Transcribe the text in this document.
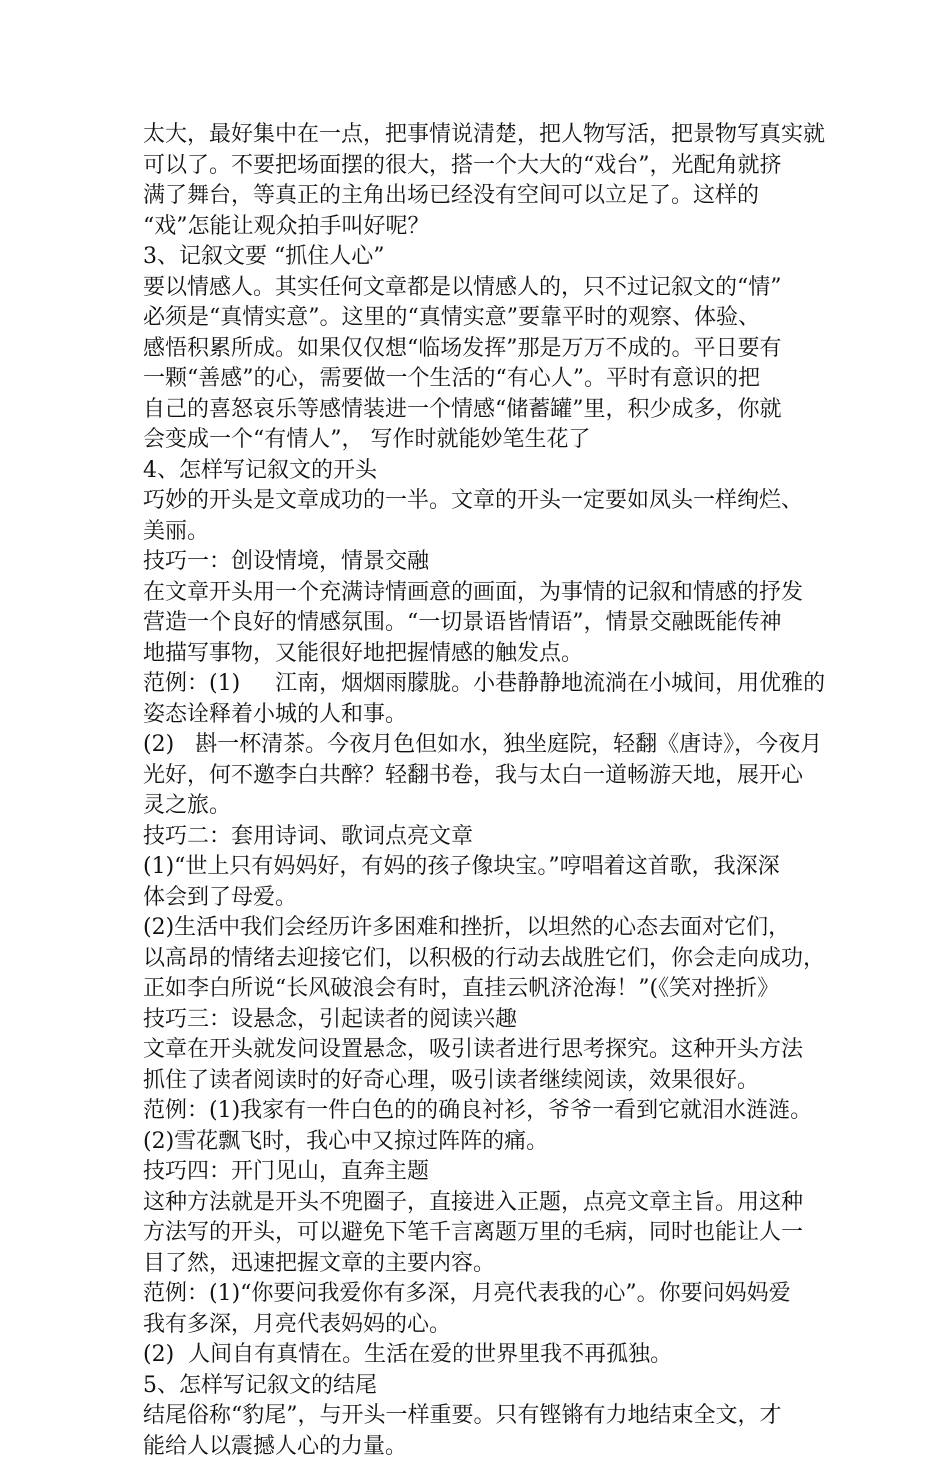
太大，最好集中在一点，把事情说清楚，把人物写活，把景物写真实就
可以了。不要把场面摆的很大，搭一个大大的“戏台”，光配角就挤
满了舞台，等真正的主角出场已经没有空间可以立足了。这样的
“戏”怎能让观众拍手叫好呢？
3、记叙文要 “抓住人心”
要以情感人。其实任何文章都是以情感人的，只不过记叙文的“情”
必须是“真情实意”。这里的“真情实意”要靠平时的观察、体验、
感悟积累所成。如果仅仅想“临场发挥”那是万万不成的。平日要有
一颗“善感”的心，需要做一个生活的“有心人”。平时有意识的把
自己的喜怒哀乐等感情装进一个情感“储蓄罐”里，积少成多，你就
会变成一个“有情人”， 写作时就能妙笔生花了
4、怎样写记叙文的开头
巧妙的开头是文章成功的一半。文章的开头一定要如凤头一样绚烂、
美丽。
技巧一：创设情境，情景交融
在文章开头用一个充满诗情画意的画面，为事情的记叙和情感的抒发
营造一个良好的情感氛围。“一切景语皆情语”，情景交融既能传神
地描写事物，又能很好地把握情感的触发点。
范例：(1)     江南，烟烟雨朦胧。小巷静静地流淌在小城间，用优雅的
姿态诠释着小城的人和事。
(2)   斟一杯清茶。今夜月色但如水，独坐庭院，轻翻《唐诗》，今夜月
光好，何不邀李白共醉？轻翻书卷，我与太白一道畅游天地，展开心
灵之旅。
技巧二：套用诗词、歌词点亮文章
(1)“世上只有妈妈好，有妈的孩子像块宝。”哼唱着这首歌，我深深
体会到了母爱。
(2)生活中我们会经历许多困难和挫折，以坦然的心态去面对它们，
以高昂的情绪去迎接它们，以积极的行动去战胜它们，你会走向成功，
正如李白所说“长风破浪会有时，直挂云帆济沧海！”(《笑对挫折》
技巧三：设悬念，引起读者的阅读兴趣
文章在开头就发问设置悬念，吸引读者进行思考探究。这种开头方法
抓住了读者阅读时的好奇心理，吸引读者继续阅读，效果很好。
范例：(1)我家有一件白色的的确良衬衫，爷爷一看到它就泪水涟涟。
(2)雪花飘飞时，我心中又掠过阵阵的痛。
技巧四：开门见山，直奔主题
这种方法就是开头不兜圈子，直接进入正题，点亮文章主旨。用这种
方法写的开头，可以避免下笔千言离题万里的毛病，同时也能让人一
目了然，迅速把握文章的主要内容。
范例：(1)“你要问我爱你有多深，月亮代表我的心”。你要问妈妈爱
我有多深，月亮代表妈妈的心。
(2)  人间自有真情在。生活在爱的世界里我不再孤独。
5、怎样写记叙文的结尾
结尾俗称“豹尾”，与开头一样重要。只有铿锵有力地结束全文，才
能给人以震撼人心的力量。
